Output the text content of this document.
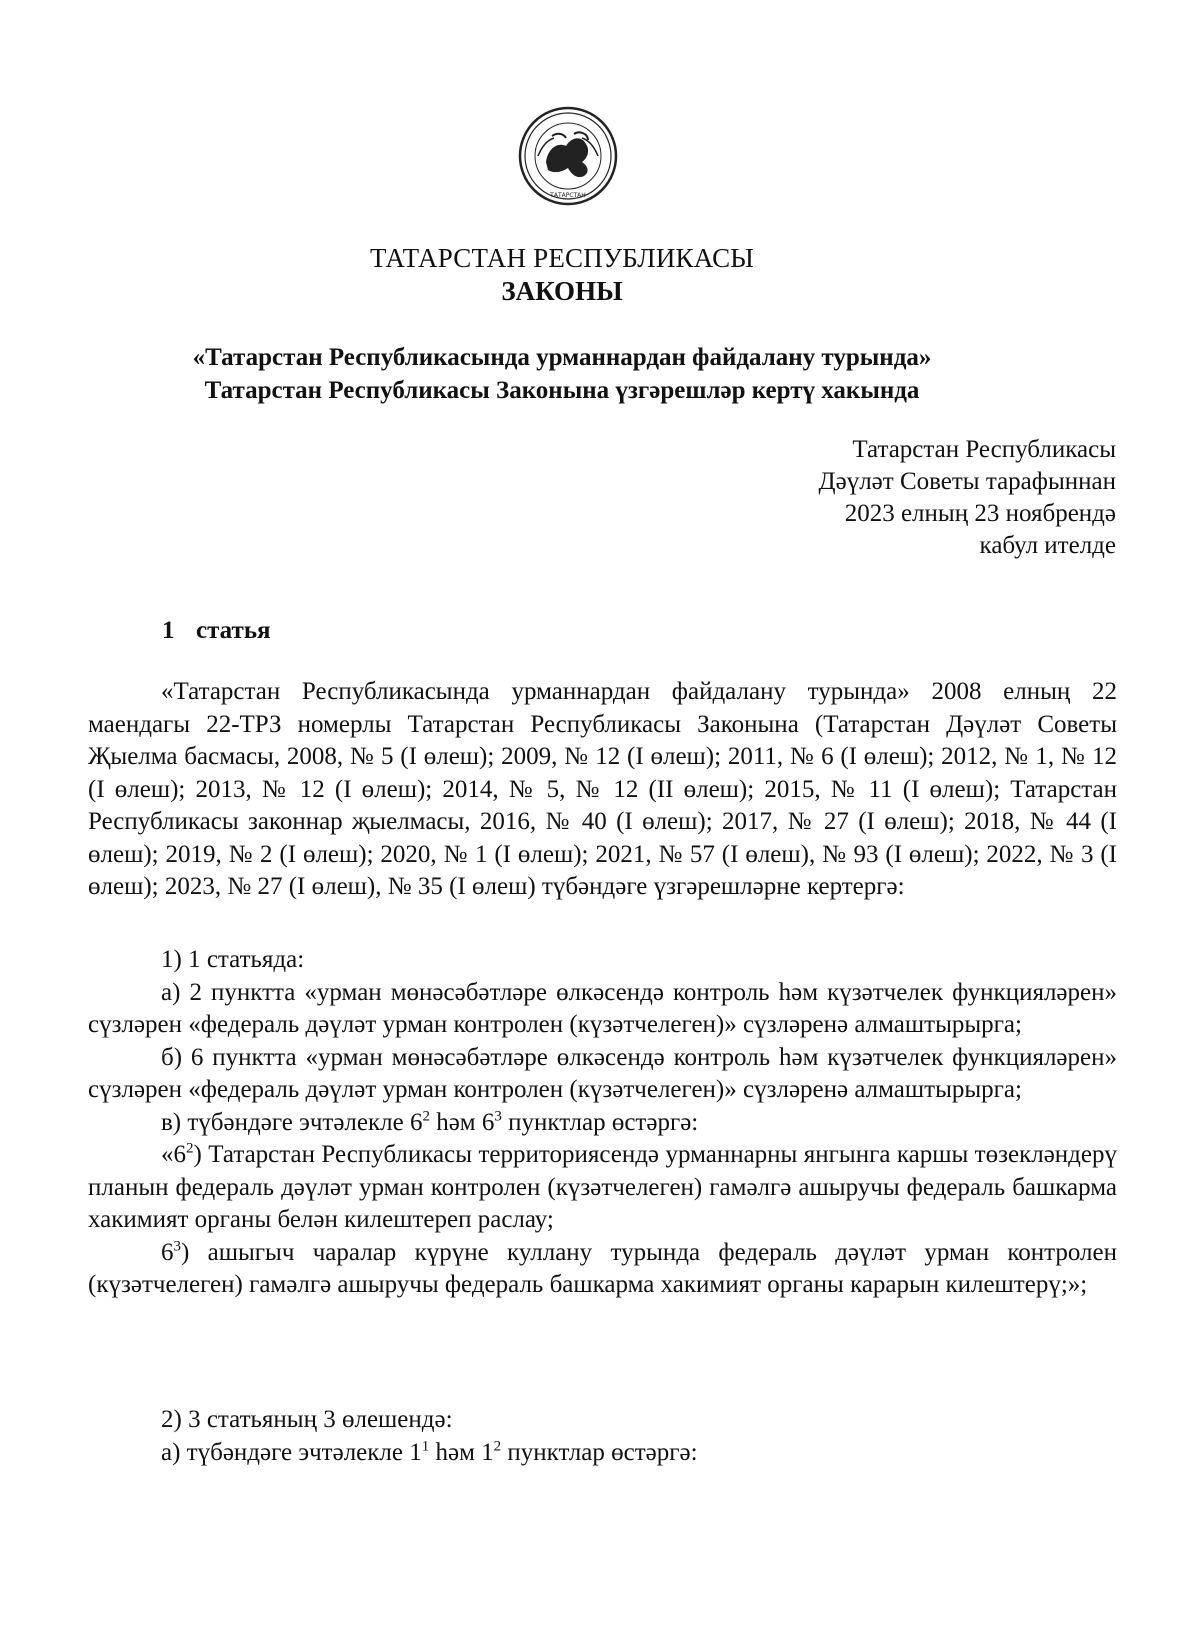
ТАТАРСТАН
ТАТАРСТАН РЕСПУБЛИКАСЫ
ЗАКОНЫ
«Татарстан Республикасында урманнардан файдалану турында»
Татарстан Республикасы Законына үзгәрешләр кертү хакында
Татарстан Республикасы
Дәүләт Советы тарафыннан
2023 елның 23 ноябрендә
кабул ителде
1 статья
«Татарстан Республикасында урманнардан файдалану турында» 2008 елның 22 маендагы 22-ТРЗ номерлы Татарстан Республикасы Законына (Татарстан Дәүләт Советы Җыелма басмасы, 2008, № 5 (I өлеш); 2009, № 12 (I өлеш); 2011, № 6 (I өлеш); 2012, № 1, № 12 (I өлеш); 2013, № 12 (I өлеш); 2014, № 5, № 12 (II өлеш); 2015, № 11 (I өлеш); Татарстан Республикасы законнар җыелмасы, 2016, № 40 (I өлеш); 2017, № 27 (I өлеш); 2018, № 44 (I өлеш); 2019, № 2 (I өлеш); 2020, № 1 (I өлеш); 2021, № 57 (I өлеш), № 93 (I өлеш); 2022, № 3 (I өлеш); 2023, № 27 (I өлеш), № 35 (I өлеш) түбәндәге үзгәрешләрне кертергә:

1) 1 статьяда:

а) 2 пунктта «урман мөнәсәбәтләре өлкәсендә контроль һәм күзәтчелек функцияләрен» сүзләрен «федераль дәүләт урман контролен (күзәтчелеген)» сүзләренә алмаштырырга;

б) 6 пунктта «урман мөнәсәбәтләре өлкәсендә контроль һәм күзәтчелек функцияләрен» сүзләрен «федераль дәүләт урман контролен (күзәтчелеген)» сүзләренә алмаштырырга;

в) түбәндәге эчтәлекле $6^2$ һәм $6^3$ пунктлар өстәргә:

«$6^2$) Татарстан Республикасы территориясендә урманнарны янгынга каршы төзекләндерү планын федераль дәүләт урман контролен (күзәтчелеген) гамәлгә ашыручы федераль башкарма хакимият органы белән килештереп раслау;

$6^3$) ашыгыч чаралар күрүне куллану турында федераль дәүләт урман контролен (күзәтчелеген) гамәлгә ашыручы федераль башкарма хакимият органы карарын килештерү;»;

2) 3 статьяның 3 өлешендә:

а) түбәндәге эчтәлекле $1^1$ һәм $1^2$ пунктлар өстәргә:
